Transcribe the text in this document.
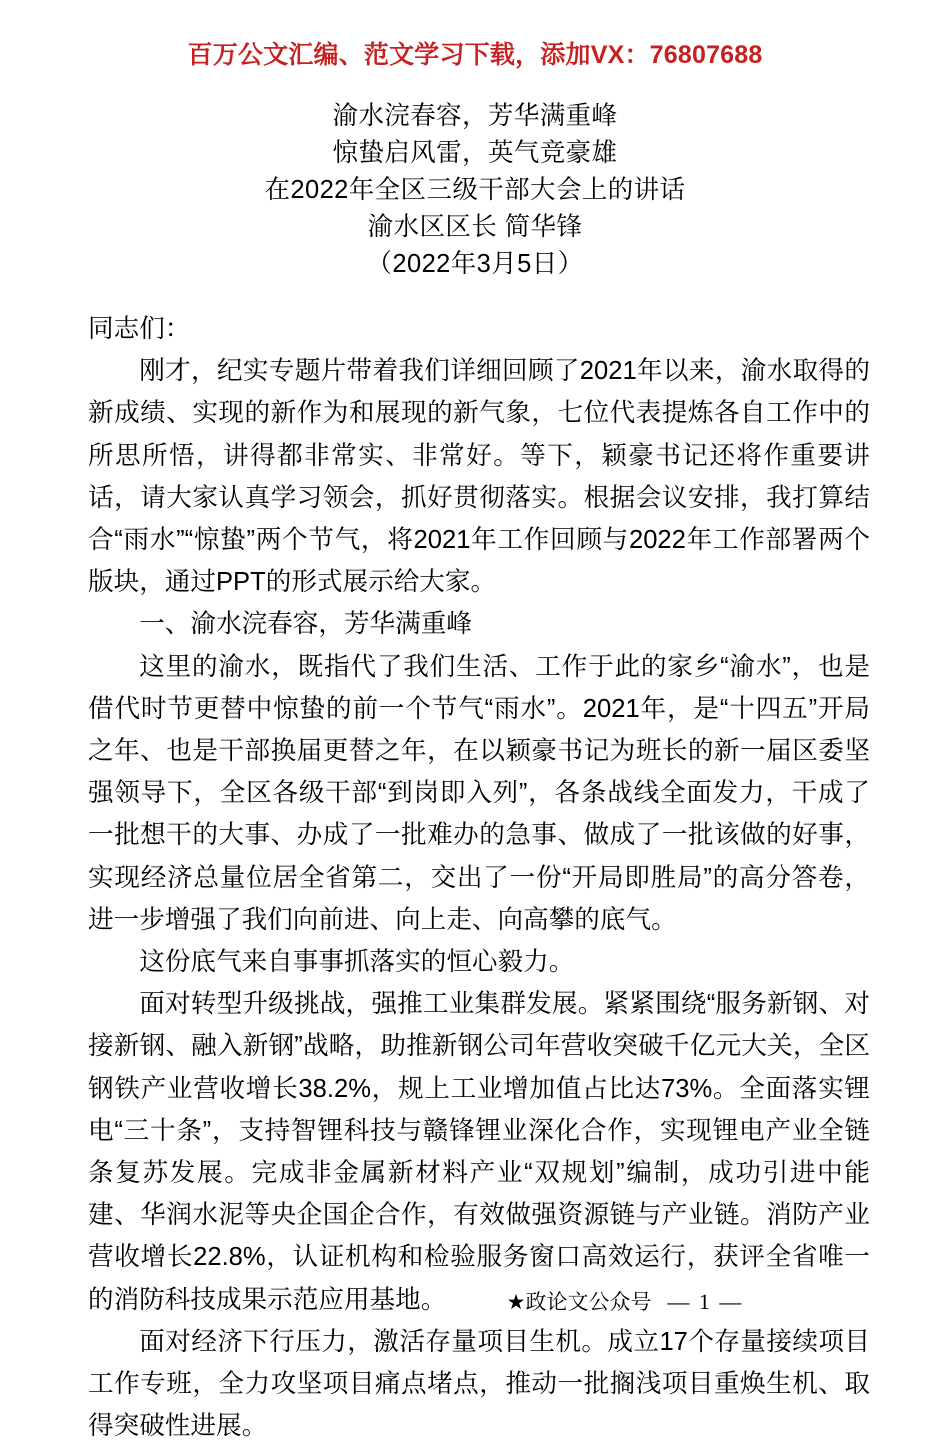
百万公文汇编、范文学习下载，添加VX：76807688
渝水浣春容，芳华满重峰
惊蛰启风雷，英气竞豪雄
在2022年全区三级干部大会上的讲话
渝水区区长 简华锋
（2022年3月5日）

同志们：

刚才，纪实专题片带着我们详细回顾了2021年以来，渝水取得的新成绩、实现的新作为和展现的新气象，七位代表提炼各自工作中的所思所悟，讲得都非常实、非常好。等下，颖豪书记还将作重要讲话，请大家认真学习领会，抓好贯彻落实。根据会议安排，我打算结合“雨水”“惊蛰”两个节气，将2021年工作回顾与2022年工作部署两个版块，通过PPT的形式展示给大家。

一、渝水浣春容，芳华满重峰

这里的渝水，既指代了我们生活、工作于此的家乡“渝水”，也是借代时节更替中惊蛰的前一个节气“雨水”。2021年，是“十四五”开局之年、也是干部换届更替之年，在以颖豪书记为班长的新一届区委坚强领导下，全区各级干部“到岗即入列”，各条战线全面发力，干成了一批想干的大事、办成了一批难办的急事、做成了一批该做的好事，实现经济总量位居全省第二，交出了一份“开局即胜局”的高分答卷，进一步增强了我们向前进、向上走、向高攀的底气。

这份底气来自事事抓落实的恒心毅力。

面对转型升级挑战，强推工业集群发展。紧紧围绕“服务新钢、对接新钢、融入新钢”战略，助推新钢公司年营收突破千亿元大关，全区钢铁产业营收增长38.2%，规上工业增加值占比达73%。全面落实锂电“三十条”，支持智锂科技与赣锋锂业深化合作，实现锂电产业全链条复苏发展。完成非金属新材料产业“双规划”编制，成功引进中能建、华润水泥等央企国企合作，有效做强资源链与产业链。消防产业营收增长22.8%，认证机构和检验服务窗口高效运行，获评全省唯一的消防科技成果示范应用基地。

面对经济下行压力，激活存量项目生机。成立17个存量接续项目工作专班，全力攻坚项目痛点堵点，推动一批搁浅项目重焕生机、取得突破性进展。

★政论文公众号 — 1 —
